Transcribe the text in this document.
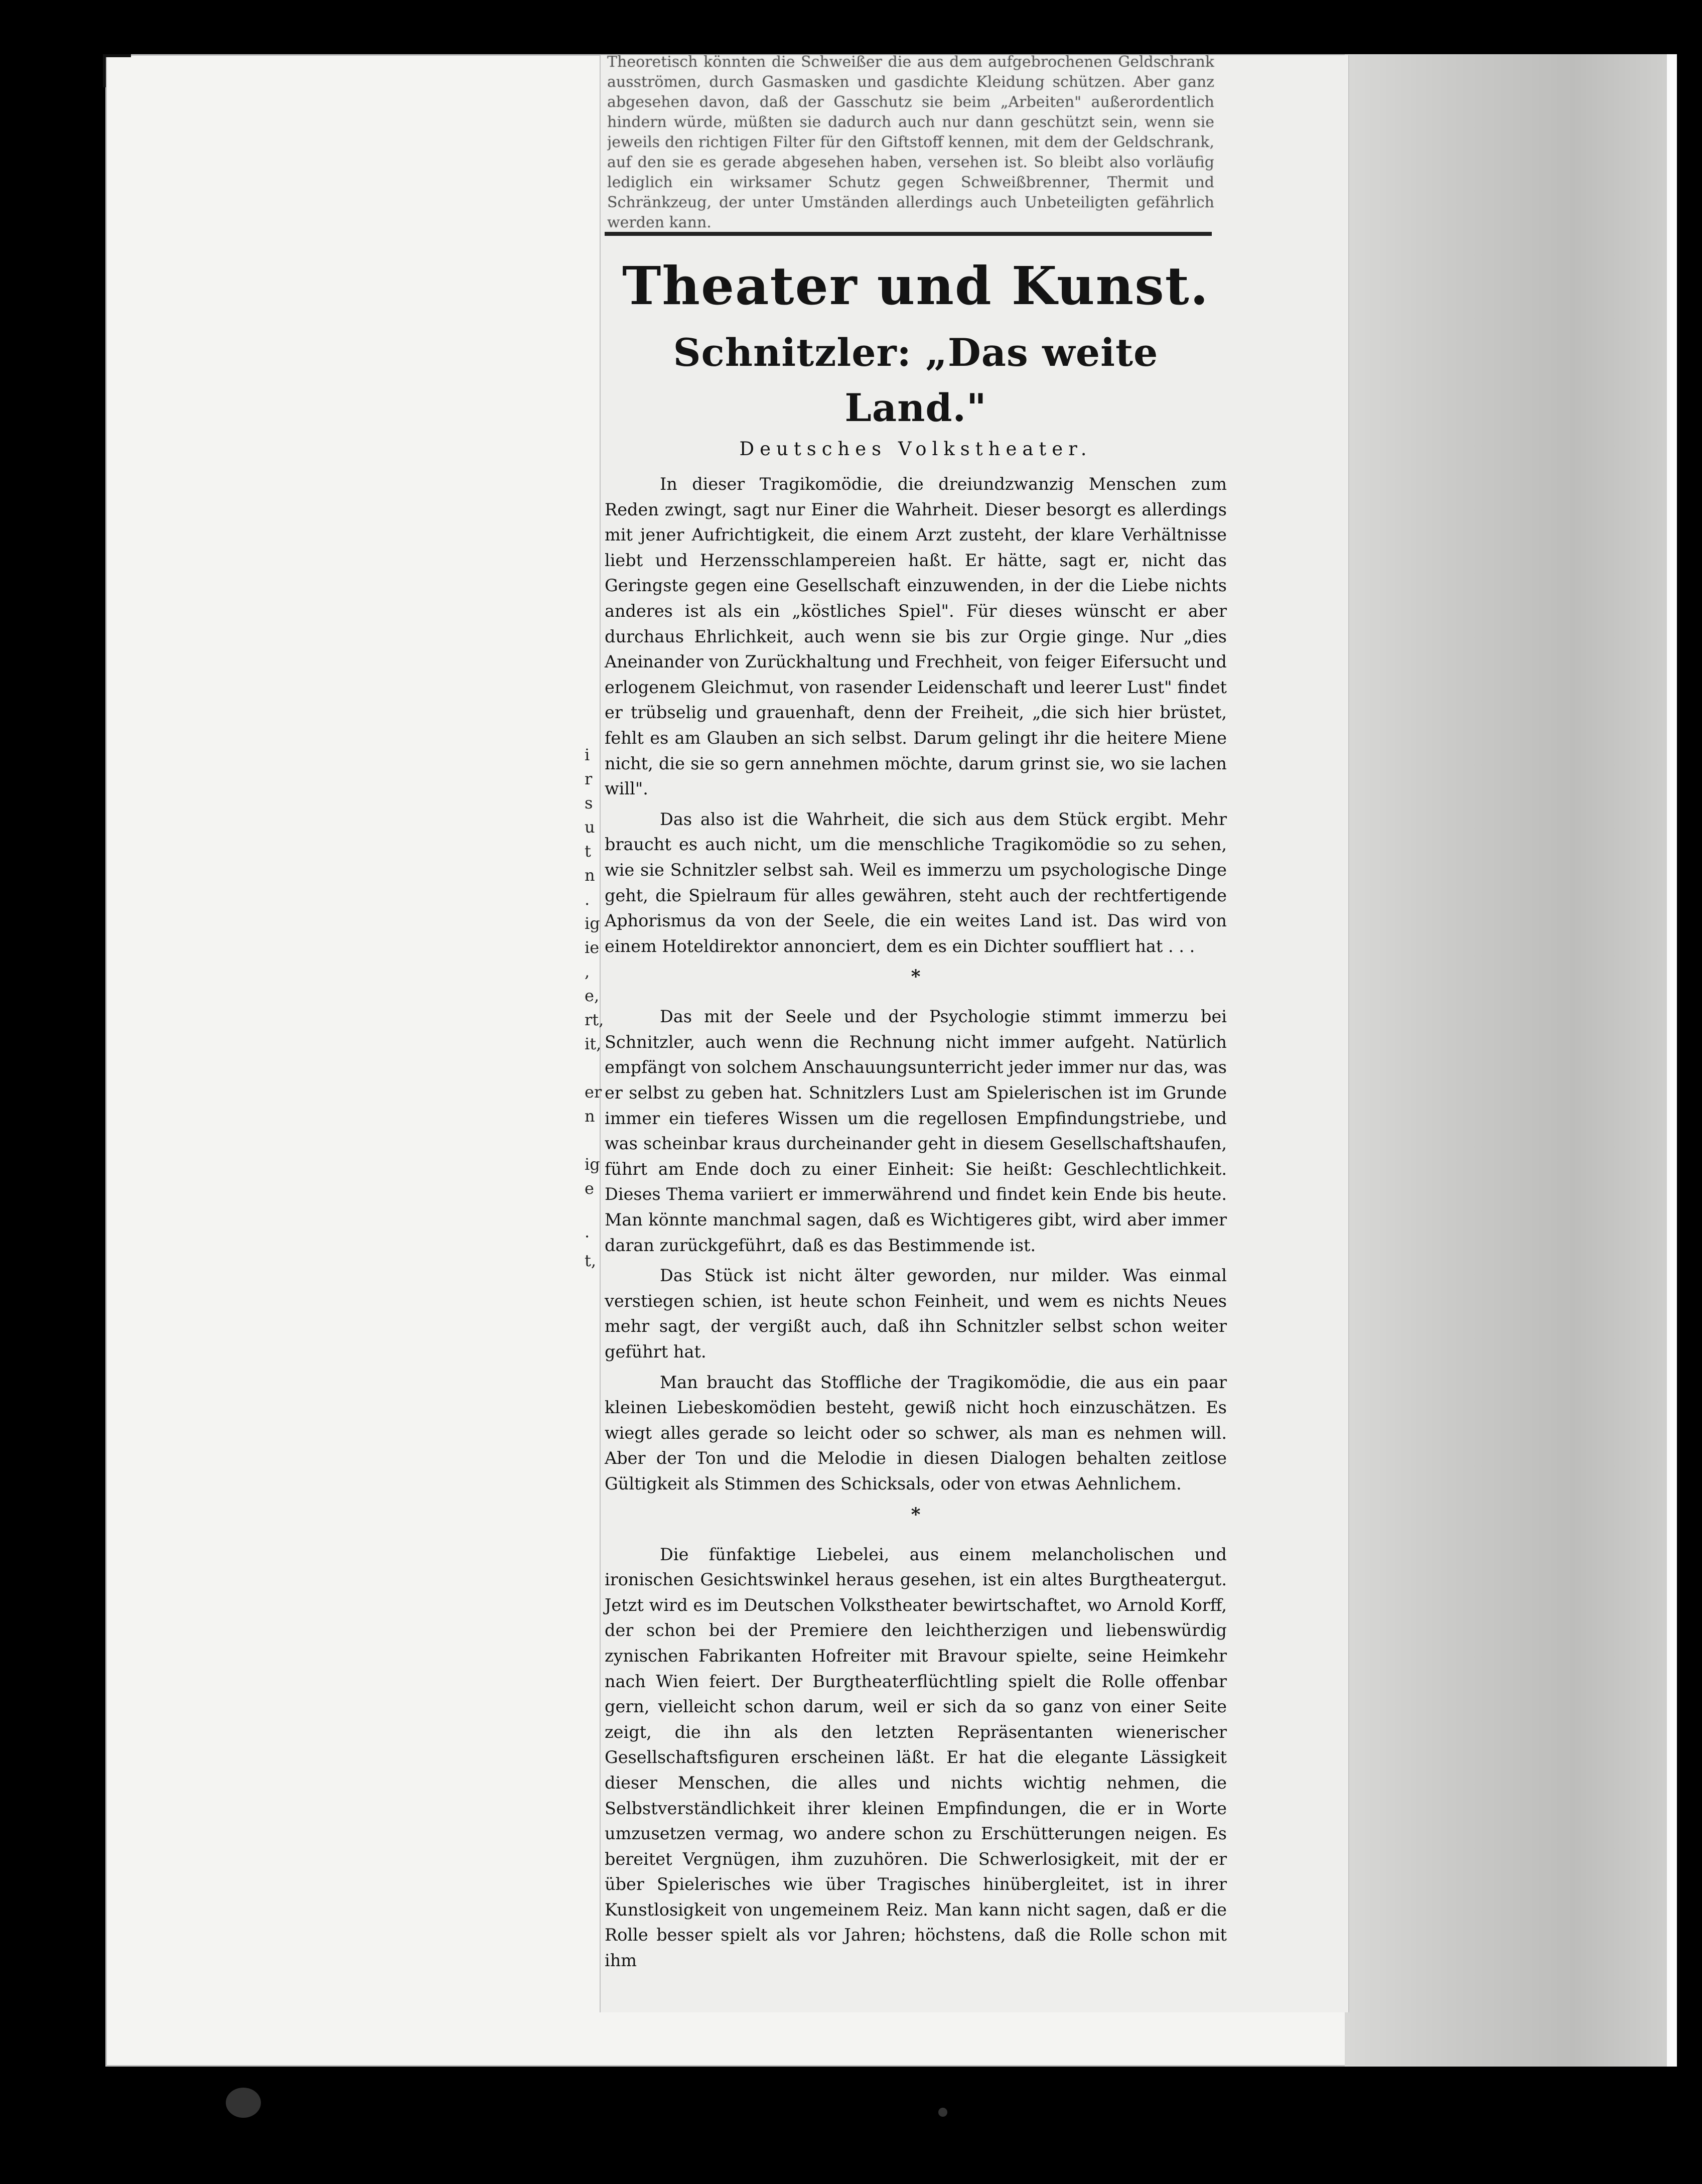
Theoretisch könnten die Schweißer die aus dem aufgebrochenen Geldschrank ausströmen, durch Gasmasken und gasdichte Kleidung schützen. Aber ganz abgesehen davon, daß der Gasschutz sie beim „Arbeiten" außerordentlich hindern würde, müßten sie dadurch auch nur dann geschützt sein, wenn sie jeweils den richtigen Filter für den Giftstoff kennen, mit dem der Geldschrank, auf den sie es gerade abgesehen haben, versehen ist. So bleibt also vorläufig lediglich ein wirksamer Schutz gegen Schweißbrenner, Thermit und Schränkzeug, der unter Umständen allerdings auch Unbeteiligten gefährlich werden kann.
i
r
s
u
t
n
.
ig
ie
,
e,
rt,
it,

er
n

ig
e

·
t,
Theater und Kunst.
Schnitzler: „Das weite Land."
Deutsches Volkstheater.

In dieser Tragikomödie, die dreiundzwanzig Menschen zum Reden zwingt, sagt nur Einer die Wahrheit. Dieser besorgt es allerdings mit jener Aufrichtigkeit, die einem Arzt zusteht, der klare Verhältnisse liebt und Herzensschlampereien haßt. Er hätte, sagt er, nicht das Geringste gegen eine Gesellschaft einzuwenden, in der die Liebe nichts anderes ist als ein „köstliches Spiel". Für dieses wünscht er aber durchaus Ehrlichkeit, auch wenn sie bis zur Orgie ginge. Nur „dies Aneinander von Zurückhaltung und Frechheit, von feiger Eifersucht und erlogenem Gleichmut, von rasender Leidenschaft und leerer Lust" findet er trübselig und grauenhaft, denn der Freiheit, „die sich hier brüstet, fehlt es am Glauben an sich selbst. Darum gelingt ihr die heitere Miene nicht, die sie so gern annehmen möchte, darum grinst sie, wo sie lachen will".

Das also ist die Wahrheit, die sich aus dem Stück ergibt. Mehr braucht es auch nicht, um die menschliche Tragikomödie so zu sehen, wie sie Schnitzler selbst sah. Weil es immerzu um psychologische Dinge geht, die Spielraum für alles gewähren, steht auch der rechtfertigende Aphorismus da von der Seele, die ein weites Land ist. Das wird von einem Hoteldirektor annonciert, dem es ein Dichter souffliert hat . . .

*

Das mit der Seele und der Psychologie stimmt immerzu bei Schnitzler, auch wenn die Rechnung nicht immer aufgeht. Natürlich empfängt von solchem Anschauungsunterricht jeder immer nur das, was er selbst zu geben hat. Schnitzlers Lust am Spielerischen ist im Grunde immer ein tieferes Wissen um die regellosen Empfindungstriebe, und was scheinbar kraus durcheinander geht in diesem Gesellschaftshaufen, führt am Ende doch zu einer Einheit: Sie heißt: Geschlechtlichkeit. Dieses Thema variiert er immerwährend und findet kein Ende bis heute. Man könnte manchmal sagen, daß es Wichtigeres gibt, wird aber immer daran zurückgeführt, daß es das Bestimmende ist.

Das Stück ist nicht älter geworden, nur milder. Was einmal verstiegen schien, ist heute schon Feinheit, und wem es nichts Neues mehr sagt, der vergißt auch, daß ihn Schnitzler selbst schon weiter geführt hat.

Man braucht das Stoffliche der Tragikomödie, die aus ein paar kleinen Liebeskomödien besteht, gewiß nicht hoch einzuschätzen. Es wiegt alles gerade so leicht oder so schwer, als man es nehmen will. Aber der Ton und die Melodie in diesen Dialogen behalten zeitlose Gültigkeit als Stimmen des Schicksals, oder von etwas Aehnlichem.

*

Die fünfaktige Liebelei, aus einem melancholischen und ironischen Gesichtswinkel heraus gesehen, ist ein altes Burgtheatergut. Jetzt wird es im Deutschen Volkstheater bewirtschaftet, wo Arnold Korff, der schon bei der Premiere den leichtherzigen und liebenswürdig zynischen Fabrikanten Hofreiter mit Bravour spielte, seine Heimkehr nach Wien feiert. Der Burgtheaterflüchtling spielt die Rolle offenbar gern, vielleicht schon darum, weil er sich da so ganz von einer Seite zeigt, die ihn als den letzten Repräsentanten wienerischer Gesellschaftsfiguren erscheinen läßt. Er hat die elegante Lässigkeit dieser Menschen, die alles und nichts wichtig nehmen, die Selbstverständlichkeit ihrer kleinen Empfindungen, die er in Worte umzusetzen vermag, wo andere schon zu Erschütterungen neigen. Es bereitet Vergnügen, ihm zuzuhören. Die Schwerlosigkeit, mit der er über Spielerisches wie über Tragisches hinübergleitet, ist in ihrer Kunstlosigkeit von ungemeinem Reiz. Man kann nicht sagen, daß er die Rolle besser spielt als vor Jahren; höchstens, daß die Rolle schon mit ihm
